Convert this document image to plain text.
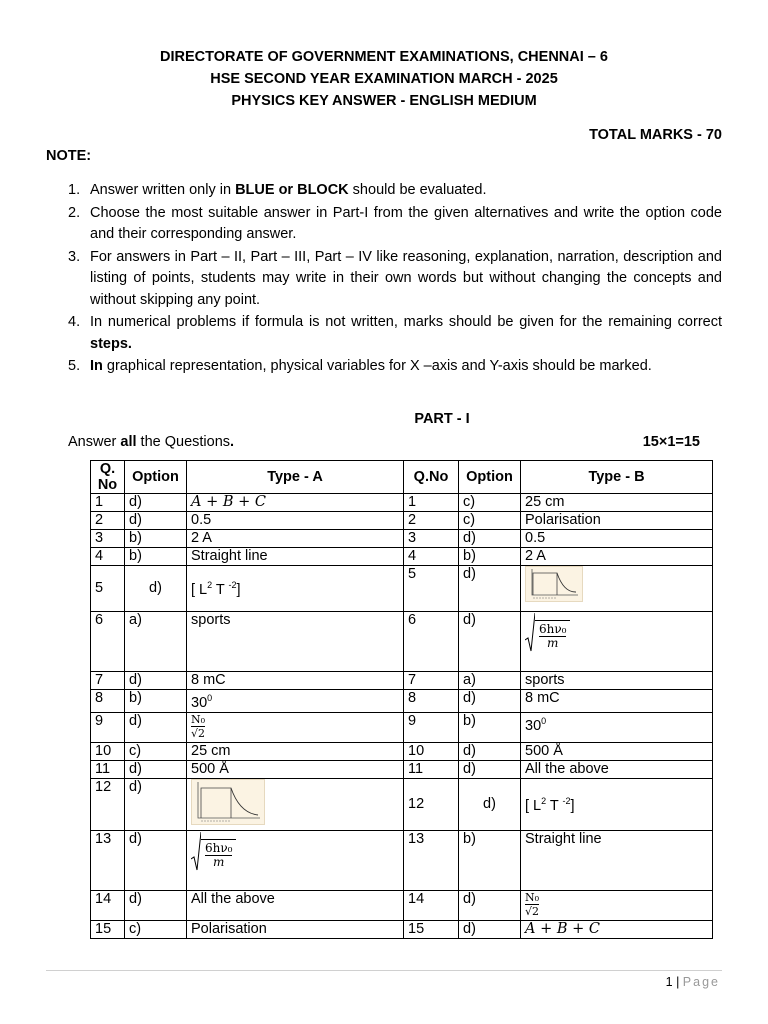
DIRECTORATE OF GOVERNMENT EXAMINATIONS, CHENNAI – 6
HSE SECOND YEAR EXAMINATION MARCH - 2025
PHYSICS KEY ANSWER - ENGLISH MEDIUM
TOTAL MARKS - 70
NOTE:
1. Answer written only in BLUE or BLOCK should be evaluated.
2. Choose the most suitable answer in Part-I from the given alternatives and write the option code and their corresponding answer.
3. For answers in Part – II, Part – III, Part – IV like reasoning, explanation, narration, description and listing of points, students may write in their own words but without changing the concepts and without skipping any point.
4. In numerical problems if formula is not written, marks should be given for the remaining correct steps.
5. In graphical representation, physical variables for X –axis and Y-axis should be marked.
PART - I
Answer all the Questions.	15×1=15
Q. No	Option	Type - A	Q.No	Option	Type - B
1	d)	$\overline{A} + B + \overline{C}$	1	c)	25 cm
2	d)	0.5	2	c)	Polarisation
3	b)	2 A	3	d)	0.5
4	b)	Straight line	4	b)	2 A
5	d)	[ $L^2$ T $^{-2}$]	5	d)	

6	a)	sports	6	d)	$\frac{\text{6hν₀}}{m}$

7	d)	8 mC	7	a)	sports
8	b)	$30^0$	8	d)	8 mC
9	d)	$\frac{\text{N₀}}{√2}$	9	b)	$30^0$
10	c)	25 cm	10	d)	500 Å
11	d)	500 Å	11	d)	All the above
12	d)		12	d)	[ $L^2$ T $^{-2}$]
13	d)	$\frac{\text{6hν₀}}{m}$	13	b)	Straight line
14	d)	All the above	14	d)	$\frac{\text{N₀}}{√2}$

15	c)	Polarisation	15	d)	$\overline{A} + B + \overline{C}$
1 | Page
